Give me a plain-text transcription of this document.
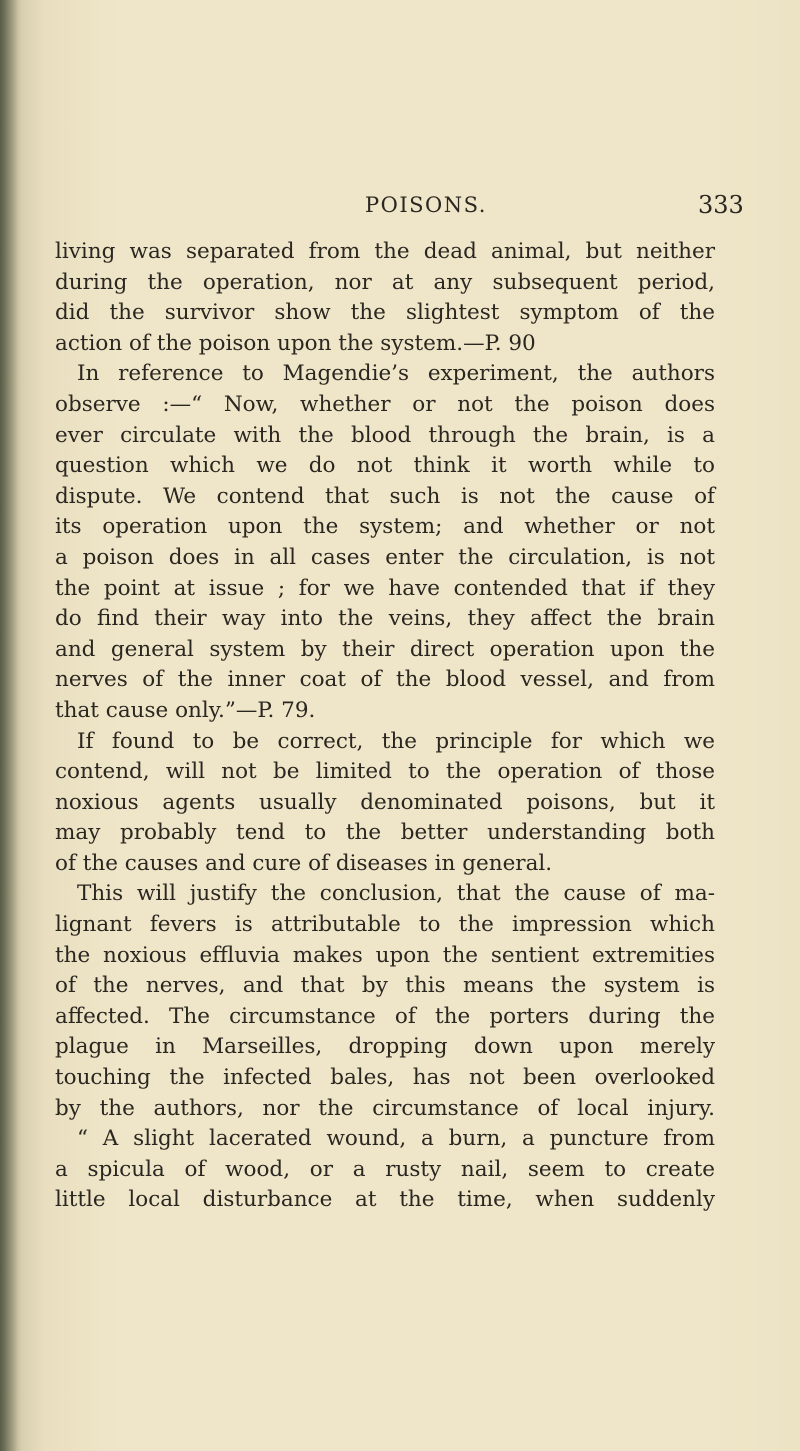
POISONS.	333
living was separated from the dead animal, but neither
during the operation, nor at any subsequent period,
did the survivor show the slightest symptom of the
action of the poison upon the system.—P. 90
In reference to Magendie’s experiment, the authors
observe :—“ Now, whether or not the poison does
ever circulate with the blood through the brain, is a
question which we do not think it worth while to
dispute. We contend that such is not the cause of
its operation upon the system; and whether or not
a poison does in all cases enter the circulation, is not
the point at issue ; for we have contended that if they
do find their way into the veins, they affect the brain
and general system by their direct operation upon the
nerves of the inner coat of the blood vessel, and from
that cause only.”—P. 79.
If found to be correct, the principle for which we
contend, will not be limited to the operation of those
noxious agents usually denominated poisons, but it
may probably tend to the better understanding both
of the causes and cure of diseases in general.
This will justify the conclusion, that the cause of ma-
lignant fevers is attributable to the impression which
the noxious effluvia makes upon the sentient extremities
of the nerves, and that by this means the system is
affected. The circumstance of the porters during the
plague in Marseilles, dropping down upon merely
touching the infected bales, has not been overlooked
by the authors, nor the circumstance of local injury.
“ A slight lacerated wound, a burn, a puncture from
a spicula of wood, or a rusty nail, seem to create
little local disturbance at the time, when suddenly
